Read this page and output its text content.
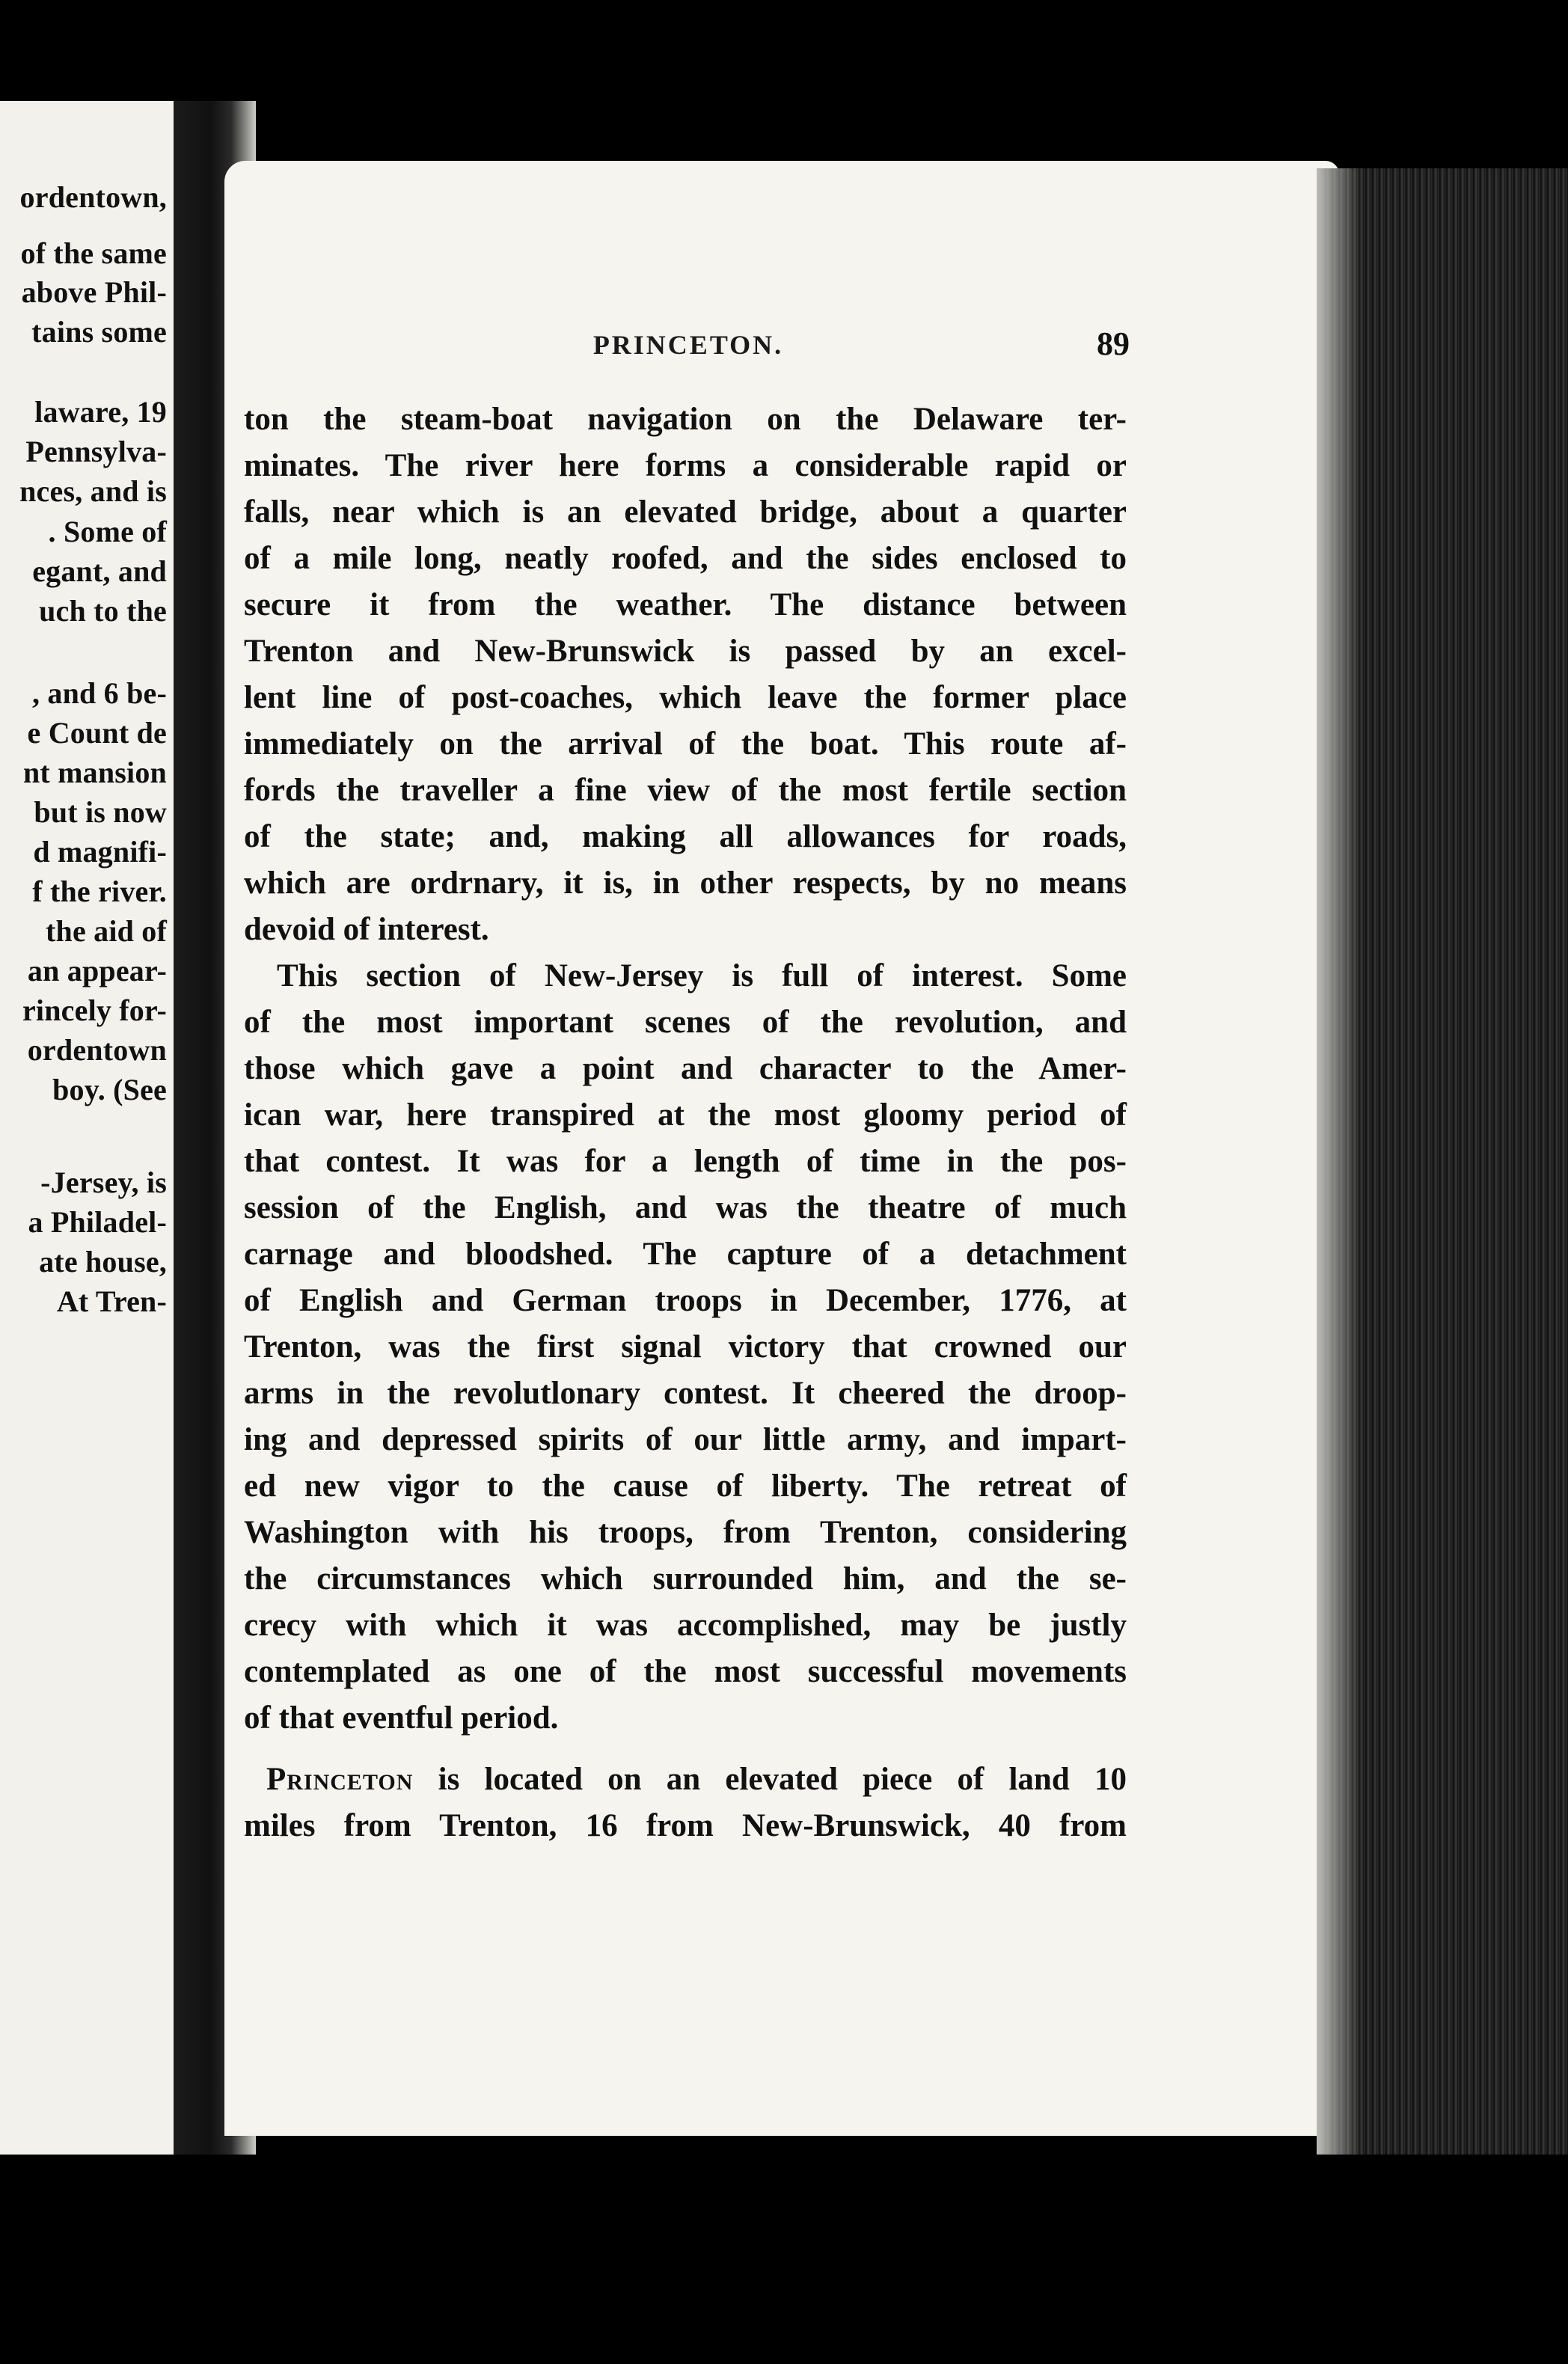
ordentown,
of the same
above Phil-
tains some
laware, 19
Pennsylva-
nces, and is
. Some of
egant, and
uch to the
, and 6 be-
e Count de
nt mansion
but is now
d magnifi-
f the river.
the aid of
an appear-
rincely for-
ordentown
boy. (See
-Jersey, is
a Philadel-
ate house,
At Tren-
PRINCETON.	89
ton the steam-boat navigation on the Delaware ter-
minates. The river here forms a considerable rapid or
falls, near which is an elevated bridge, about a quarter
of a mile long, neatly roofed, and the sides enclosed to
secure it from the weather. The distance between
Trenton and New-Brunswick is passed by an excel-
lent line of post-coaches, which leave the former place
immediately on the arrival of the boat. This route af-
fords the traveller a fine view of the most fertile section
of the state; and, making all allowances for roads,
which are ordrnary, it is, in other respects, by no means
devoid of interest.
This section of New-Jersey is full of interest. Some
of the most important scenes of the revolution, and
those which gave a point and character to the Amer-
ican war, here transpired at the most gloomy period of
that contest. It was for a length of time in the pos-
session of the English, and was the theatre of much
carnage and bloodshed. The capture of a detachment
of English and German troops in December, 1776, at
Trenton, was the first signal victory that crowned our
arms in the revolutlonary contest. It cheered the droop-
ing and depressed spirits of our little army, and impart-
ed new vigor to the cause of liberty. The retreat of
Washington with his troops, from Trenton, considering
the circumstances which surrounded him, and the se-
crecy with which it was accomplished, may be justly
contemplated as one of the most successful movements
of that eventful period.
Princeton is located on an elevated piece of land 10
miles from Trenton, 16 from New-Brunswick, 40 from
